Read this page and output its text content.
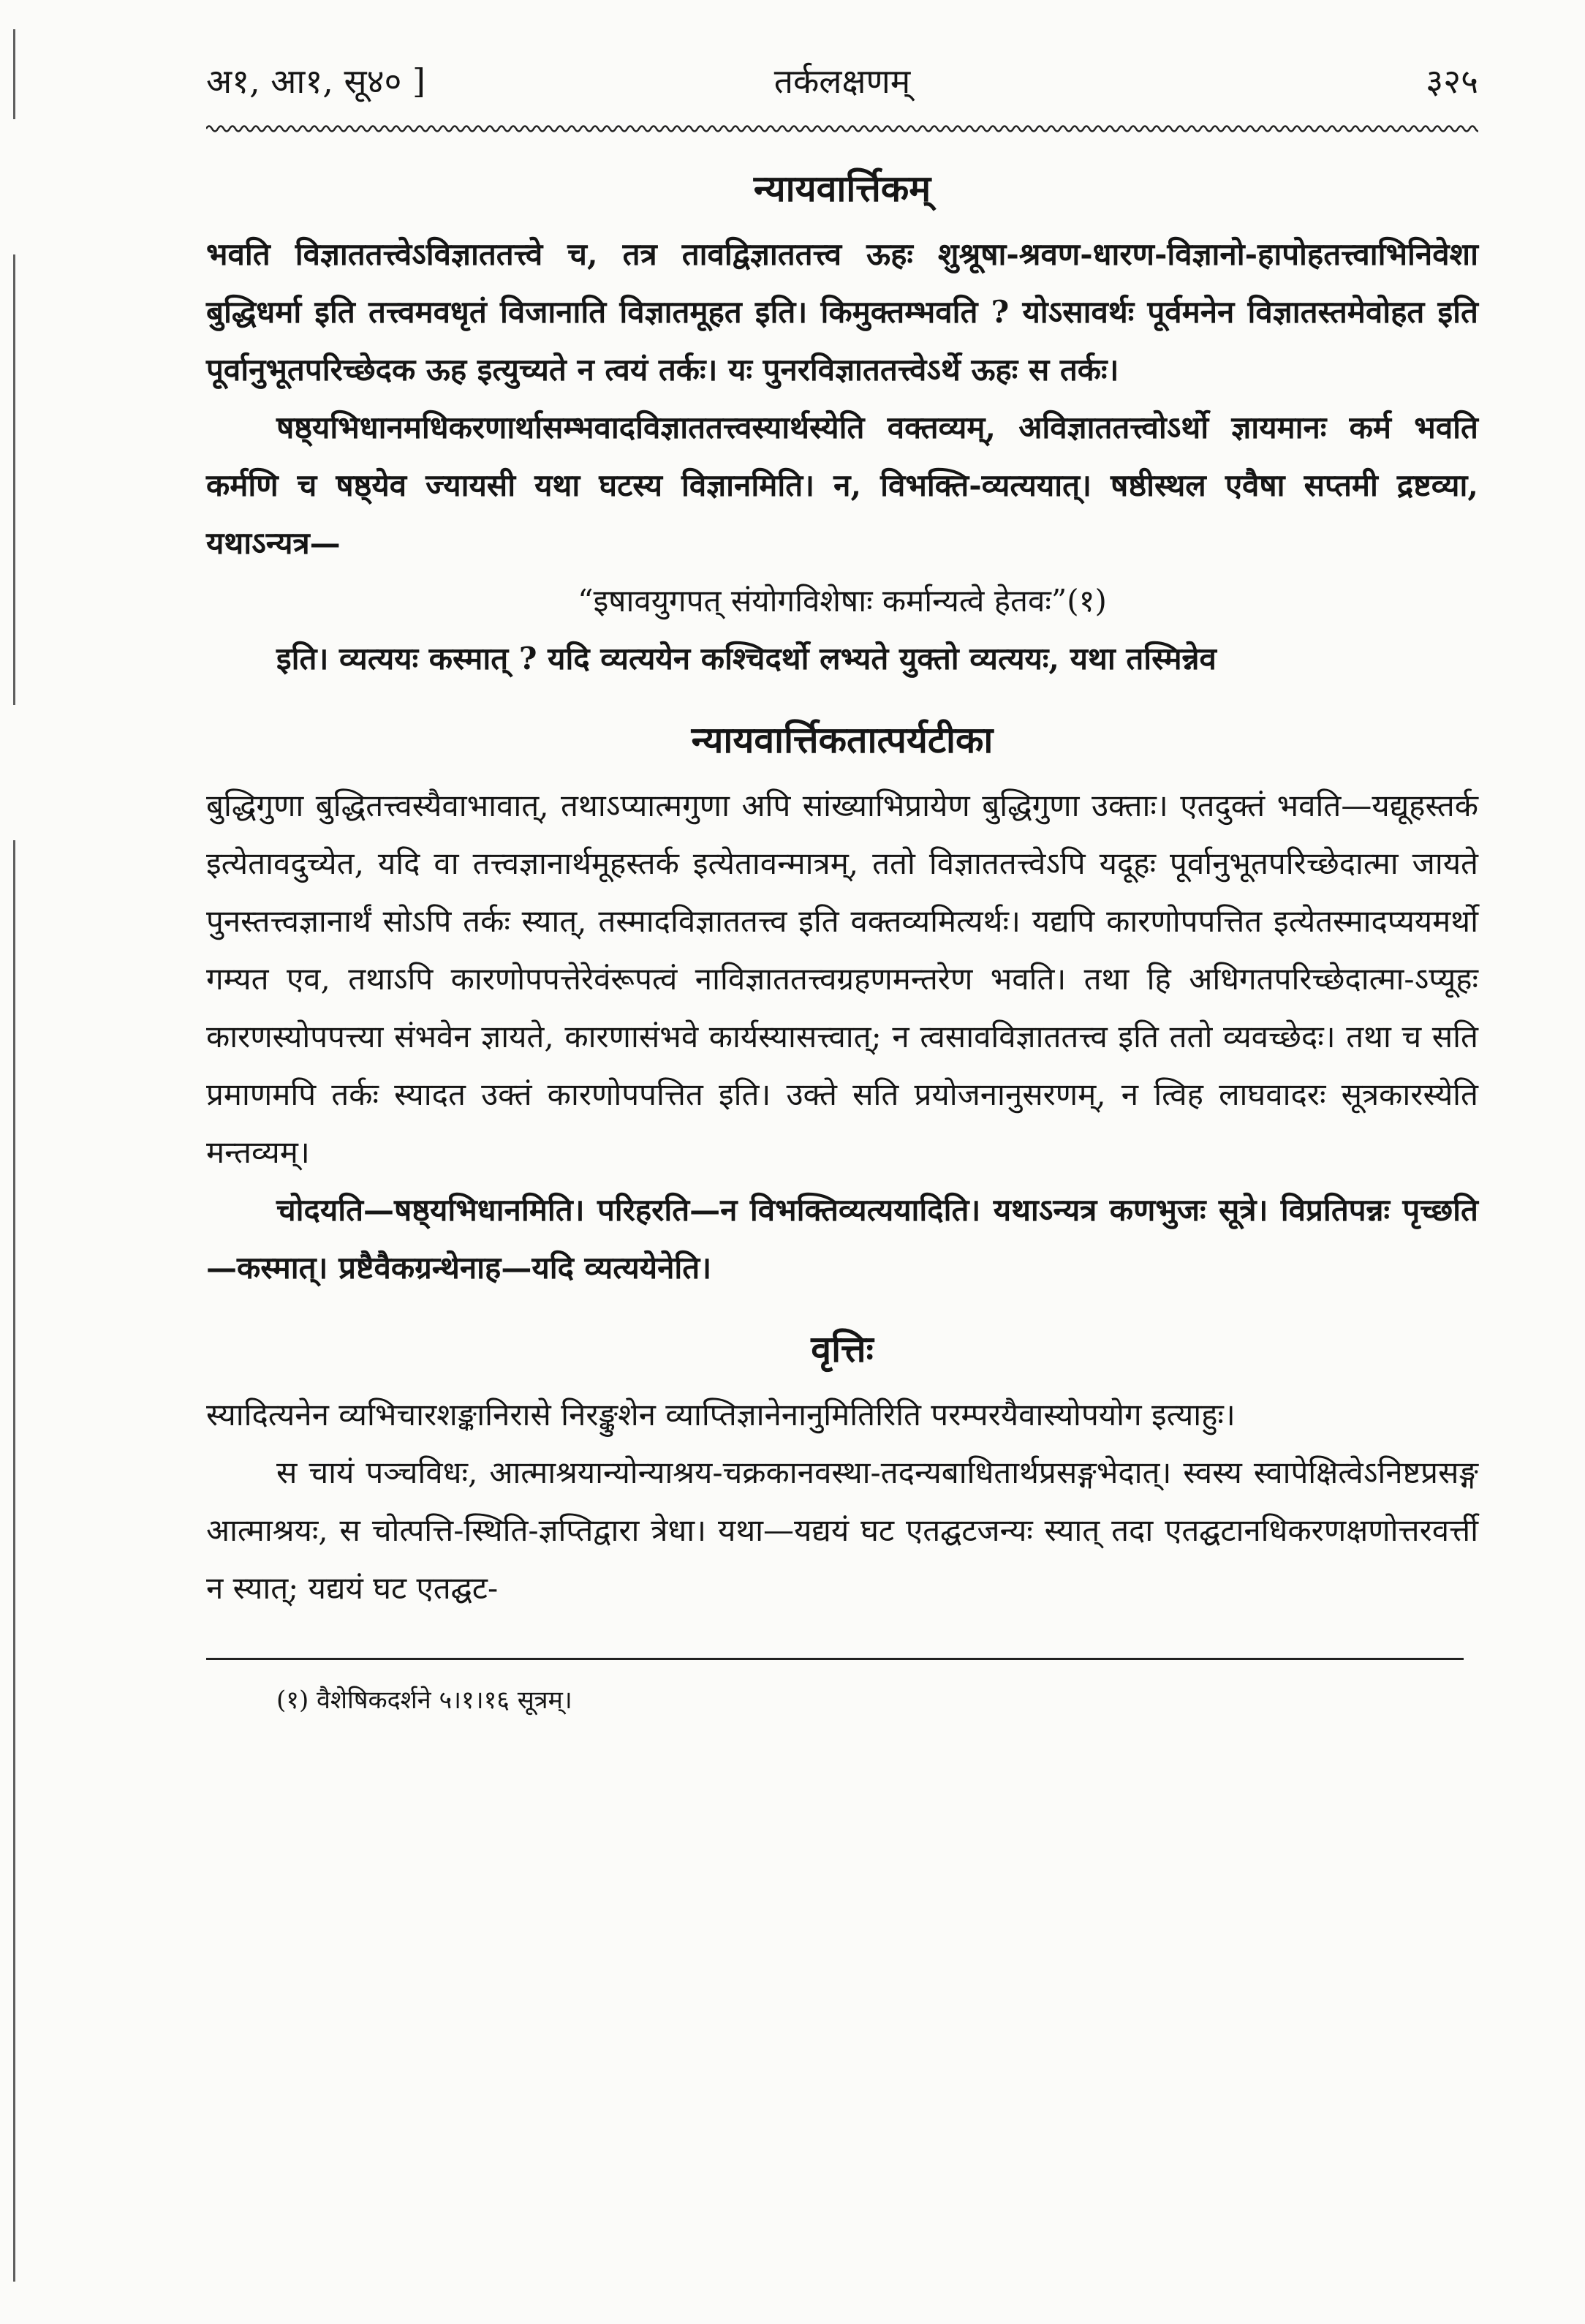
अ१, आ१, सू४० ]	तर्कलक्षणम्	३२५
न्यायवार्त्तिकम्

भवति विज्ञाततत्त्वेऽविज्ञाततत्त्वे च, तत्र तावद्विज्ञाततत्त्व ऊहः शुश्रूषा-श्रवण-धारण-विज्ञानो-हापोहतत्त्वाभिनिवेशा बुद्धिधर्मा इति तत्त्वमवधृतं विजानाति विज्ञातमूहत इति। किमुक्तम्भवति ? योऽसावर्थः पूर्वमनेन विज्ञातस्तमेवोहत इति पूर्वानुभूतपरिच्छेदक ऊह इत्युच्यते न त्वयं तर्कः। यः पुनरविज्ञाततत्त्वेऽर्थे ऊहः स तर्कः।

षष्ठ्यभिधानमधिकरणार्थासम्भवादविज्ञाततत्त्वस्यार्थस्येति वक्तव्यम्, अविज्ञाततत्त्वोऽर्थो ज्ञायमानः कर्म भवति कर्मणि च षष्ठ्येव ज्यायसी यथा घटस्य विज्ञानमिति। न, विभक्ति-व्यत्ययात्। षष्ठीस्थल एवैषा सप्तमी द्रष्टव्या, यथाऽन्यत्र—

“इषावयुगपत् संयोगविशेषाः कर्मान्यत्वे हेतवः”(१)

इति। व्यत्ययः कस्मात् ? यदि व्यत्ययेन कश्चिदर्थो लभ्यते युक्तो व्यत्ययः, यथा तस्मिन्नेव

न्यायवार्त्तिकतात्पर्यटीका

बुद्धिगुणा बुद्धितत्त्वस्यैवाभावात्, तथाऽप्यात्मगुणा अपि सांख्याभिप्रायेण बुद्धिगुणा उक्ताः। एतदुक्तं भवति—यद्यूहस्तर्क इत्येतावदुच्येत, यदि वा तत्त्वज्ञानार्थमूहस्तर्क इत्येतावन्मात्रम्, ततो विज्ञाततत्त्वेऽपि यदूहः पूर्वानुभूतपरिच्छेदात्मा जायते पुनस्तत्त्वज्ञानार्थं सोऽपि तर्कः स्यात्, तस्मादविज्ञाततत्त्व इति वक्तव्यमित्यर्थः। यद्यपि कारणोपपत्तित इत्येतस्मादप्ययमर्थो गम्यत एव, तथाऽपि कारणोपपत्तेरेवंरूपत्वं नाविज्ञाततत्त्वग्रहणमन्तरेण भवति। तथा हि अधिगतपरिच्छेदात्मा-ऽप्यूहः कारणस्योपपत्त्या संभवेन ज्ञायते, कारणासंभवे कार्यस्यासत्त्वात्; न त्वसावविज्ञाततत्त्व इति ततो व्यवच्छेदः। तथा च सति प्रमाणमपि तर्कः स्यादत उक्तं कारणोपपत्तित इति। उक्ते सति प्रयोजनानुसरणम्, न त्विह लाघवादरः सूत्रकारस्येति मन्तव्यम्।

चोदयति—षष्ठ्यभिधानमिति। परिहरति—न विभक्तिव्यत्ययादिति। यथाऽन्यत्र कणभुजः सूत्रे। विप्रतिपन्नः पृच्छति—कस्मात्। प्रष्टैवैकग्रन्थेनाह—यदि व्यत्ययेनेति।

वृत्तिः

स्यादित्यनेन व्यभिचारशङ्कानिरासे निरङ्कुशेन व्याप्तिज्ञानेनानुमितिरिति परम्परयैवास्योपयोग इत्याहुः।

स चायं पञ्चविधः, आत्माश्रयान्योन्याश्रय-चक्रकानवस्था-तदन्यबाधितार्थप्रसङ्गभेदात्। स्वस्य स्वापेक्षित्वेऽनिष्टप्रसङ्ग आत्माश्रयः, स चोत्पत्ति-स्थिति-ज्ञप्तिद्वारा त्रेधा। यथा—यद्ययं घट एतद्घटजन्यः स्यात् तदा एतद्घटानधिकरणक्षणोत्तरवर्त्ती न स्यात्; यद्ययं घट एतद्घट-

(१) वैशेषिकदर्शने ५।१।१६ सूत्रम्।
